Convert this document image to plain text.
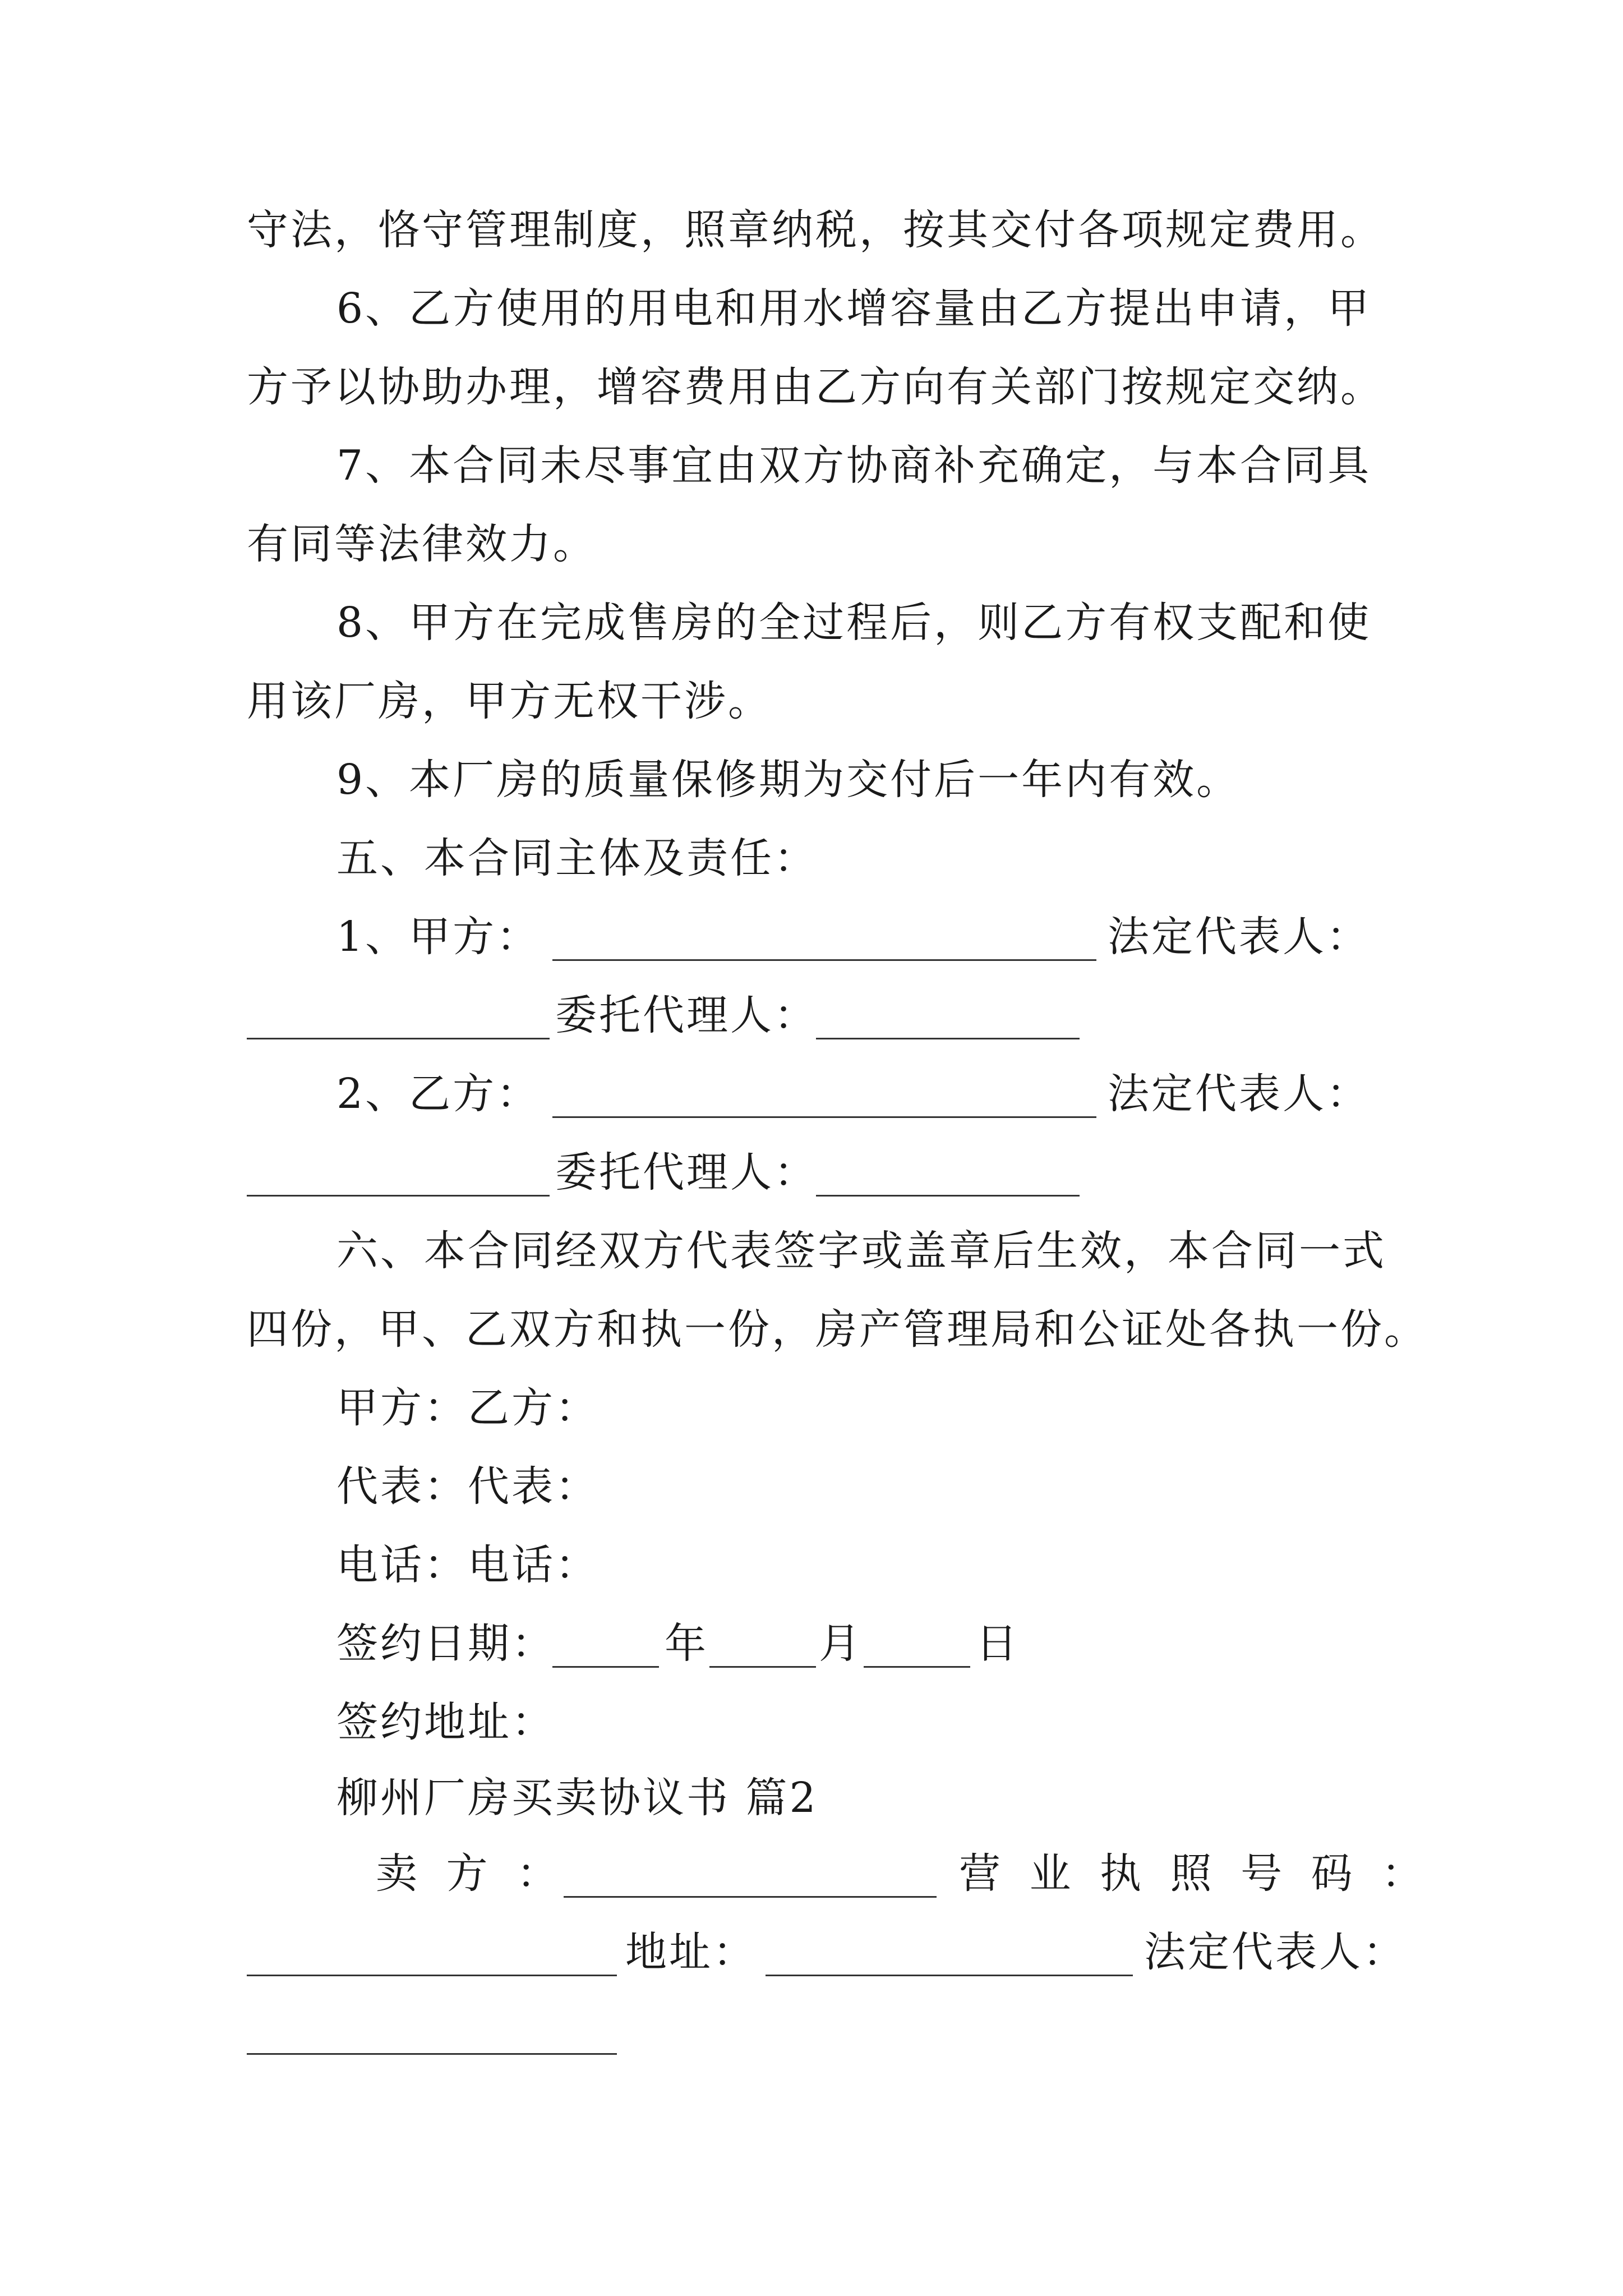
守法，恪守管理制度，照章纳税，按其交付各项规定费用。
6、乙方使用的用电和用水增容量由乙方提出申请，甲
方予以协助办理，增容费用由乙方向有关部门按规定交纳。
7、本合同未尽事宜由双方协商补充确定，与本合同具
有同等法律效力。
8、甲方在完成售房的全过程后，则乙方有权支配和使
用该厂房，甲方无权干涉。
9、本厂房的质量保修期为交付后一年内有效。
五、本合同主体及责任：
1、甲方：	法定代表人：
委托代理人：
2、乙方：	法定代表人：
委托代理人：
六、本合同经双方代表签字或盖章后生效，本合同一式
四份，甲、乙双方和执一份，房产管理局和公证处各执一份。
甲方：乙方：
代表：代表：
电话：电话：
签约日期：	年	月	日
签约地址：
柳州厂房买卖协议书 篇2
卖 方 ：	营 业 执 照 号 码 ：
地址：	法定代表人：
